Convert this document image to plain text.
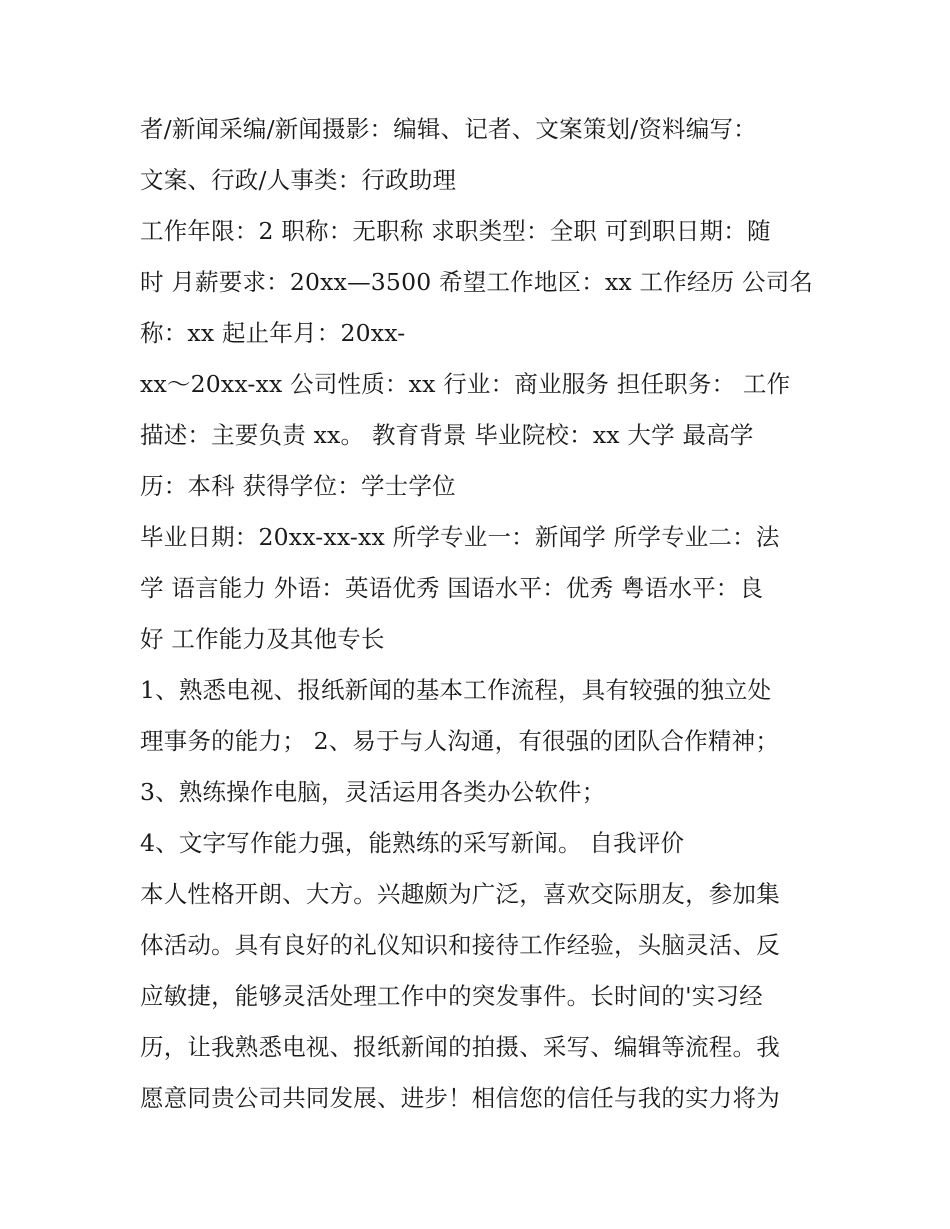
者/新闻采编/新闻摄影：编辑、记者、文案策划/资料编写：
文案、行政/人事类：行政助理
工作年限：2 职称：无职称 求职类型：全职 可到职日期：随
时 月薪要求：20xx—3500 希望工作地区：xx 工作经历 公司名
称：xx 起止年月：20xx-
xx～20xx-xx 公司性质：xx 行业：商业服务 担任职务： 工作
描述：主要负责 xx。 教育背景 毕业院校：xx 大学 最高学
历：本科 获得学位：学士学位
毕业日期：20xx-xx-xx 所学专业一：新闻学 所学专业二：法
学 语言能力 外语：英语优秀 国语水平：优秀 粤语水平：良
好 工作能力及其他专长
1、熟悉电视、报纸新闻的基本工作流程，具有较强的独立处
理事务的能力； 2、易于与人沟通，有很强的团队合作精神；
3、熟练操作电脑，灵活运用各类办公软件；
4、文字写作能力强，能熟练的采写新闻。 自我评价
本人性格开朗、大方。兴趣颇为广泛，喜欢交际朋友，参加集
体活动。具有良好的礼仪知识和接待工作经验，头脑灵活、反
应敏捷，能够灵活处理工作中的突发事件。长时间的'实习经
历，让我熟悉电视、报纸新闻的拍摄、采写、编辑等流程。我
愿意同贵公司共同发展、进步！相信您的信任与我的实力将为
